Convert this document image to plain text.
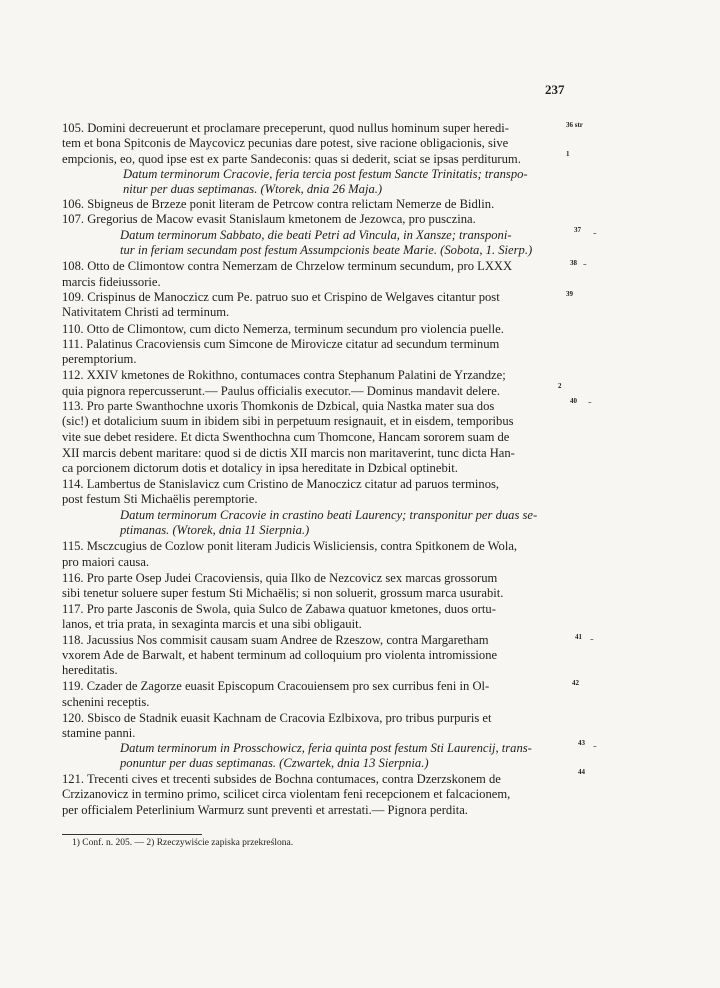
237
105. Domini decreuerunt et proclamare preceperunt, quod nullus hominum super heredi-
tem et bona Spitconis de Maycovicz pecunias dare potest, sive racione obligacionis, sive
empcionis, eo, quod ipse est ex parte Sandeconis: quas si dederit, sciat se ipsas perditurum.
Datum terminorum Cracovie, feria tercia post festum Sancte Trinitatis; transpo-
nitur per duas septimanas. (Wtorek, dnia 26 Maja.)
106. Sbigneus de Brzeze ponit literam de Petrcow contra relictam Nemerze de Bidlin.
107. Gregorius de Macow evasit Stanislaum kmetonem de Jezowca, pro pusczina.
Datum terminorum Sabbato, die beati Petri ad Vincula, in Xansze; transponi-
tur in feriam secundam post festum Assumpcionis beate Marie. (Sobota, 1. Sierp.)
108. Otto de Climontow contra Nemerzam de Chrzelow terminum secundum, pro LXXX
marcis fideiussorie.
109. Crispinus de Manoczicz cum Pe. patruo suo et Crispino de Welgaves citantur post
Nativitatem Christi ad terminum.
110. Otto de Climontow, cum dicto Nemerza, terminum secundum pro violencia puelle.
111. Palatinus Cracoviensis cum Simcone de Mirovicze citatur ad secundum terminum
peremptorium.
112. XXIV kmetones de Rokithno, contumaces contra Stephanum Palatini de Yrzandze;
quia pignora repercusserunt.— Paulus officialis executor.— Dominus mandavit delere.
113. Pro parte Swanthochne uxoris Thomkonis de Dzbical, quia Nastka mater sua dos
(sic!) et dotalicium suum in ibidem sibi in perpetuum resignauit, et in eisdem, temporibus
vite sue debet residere. Et dicta Swenthochna cum Thomcone, Hancam sororem suam de
XII marcis debent maritare: quod si de dictis XII marcis non maritaverint, tunc dicta Han-
ca porcionem dictorum dotis et dotalicy in ipsa hereditate in Dzbical optinebit.
114. Lambertus de Stanislavicz cum Cristino de Manoczicz citatur ad paruos terminos,
post festum Sti Michaëlis peremptorie.
Datum terminorum Cracovie in crastino beati Laurency; transponitur per duas se-
ptimanas. (Wtorek, dnia 11 Sierpnia.)
115. Msczcugius de Cozlow ponit literam Judicis Wisliciensis, contra Spitkonem de Wola,
pro maiori causa.
116. Pro parte Osep Judei Cracoviensis, quia Ilko de Nezcovicz sex marcas grossorum
sibi tenetur soluere super festum Sti Michaëlis; si non soluerit, grossum marca usurabit.
117. Pro parte Jasconis de Swola, quia Sulco de Zabawa quatuor kmetones, duos ortu-
lanos, et tria prata, in sexaginta marcis et una sibi obligauit.
118. Jacussius Nos commisit causam suam Andree de Rzeszow, contra Margaretham
vxorem Ade de Barwalt, et habent terminum ad colloquium pro violenta intromissione
hereditatis.
119. Czader de Zagorze euasit Episcopum Cracouiensem pro sex curribus feni in Ol-
schenini receptis.
120. Sbisco de Stadnik euasit Kachnam de Cracovia Ezlbixova, pro tribus purpuris et
stamine panni.
Datum terminorum in Prosschowicz, feria quinta post festum Sti Laurencij, trans-
ponuntur per duas septimanas. (Czwartek, dnia 13 Sierpnia.)
121. Trecenti cives et trecenti subsides de Bochna contumaces, contra Dzerzskonem de
Crzizanovicz in termino primo, scilicet circa violentam feni recepcionem et falcacionem,
per officialem Peterlinium Warmurz sunt preventi et arrestati.— Pignora perdita.
36 str
1
37
38
39
2
40
41
42
43
44
-
-
-
-
-
1) Conf. n. 205. — 2) Rzeczywiście zapiska przekreślona.
